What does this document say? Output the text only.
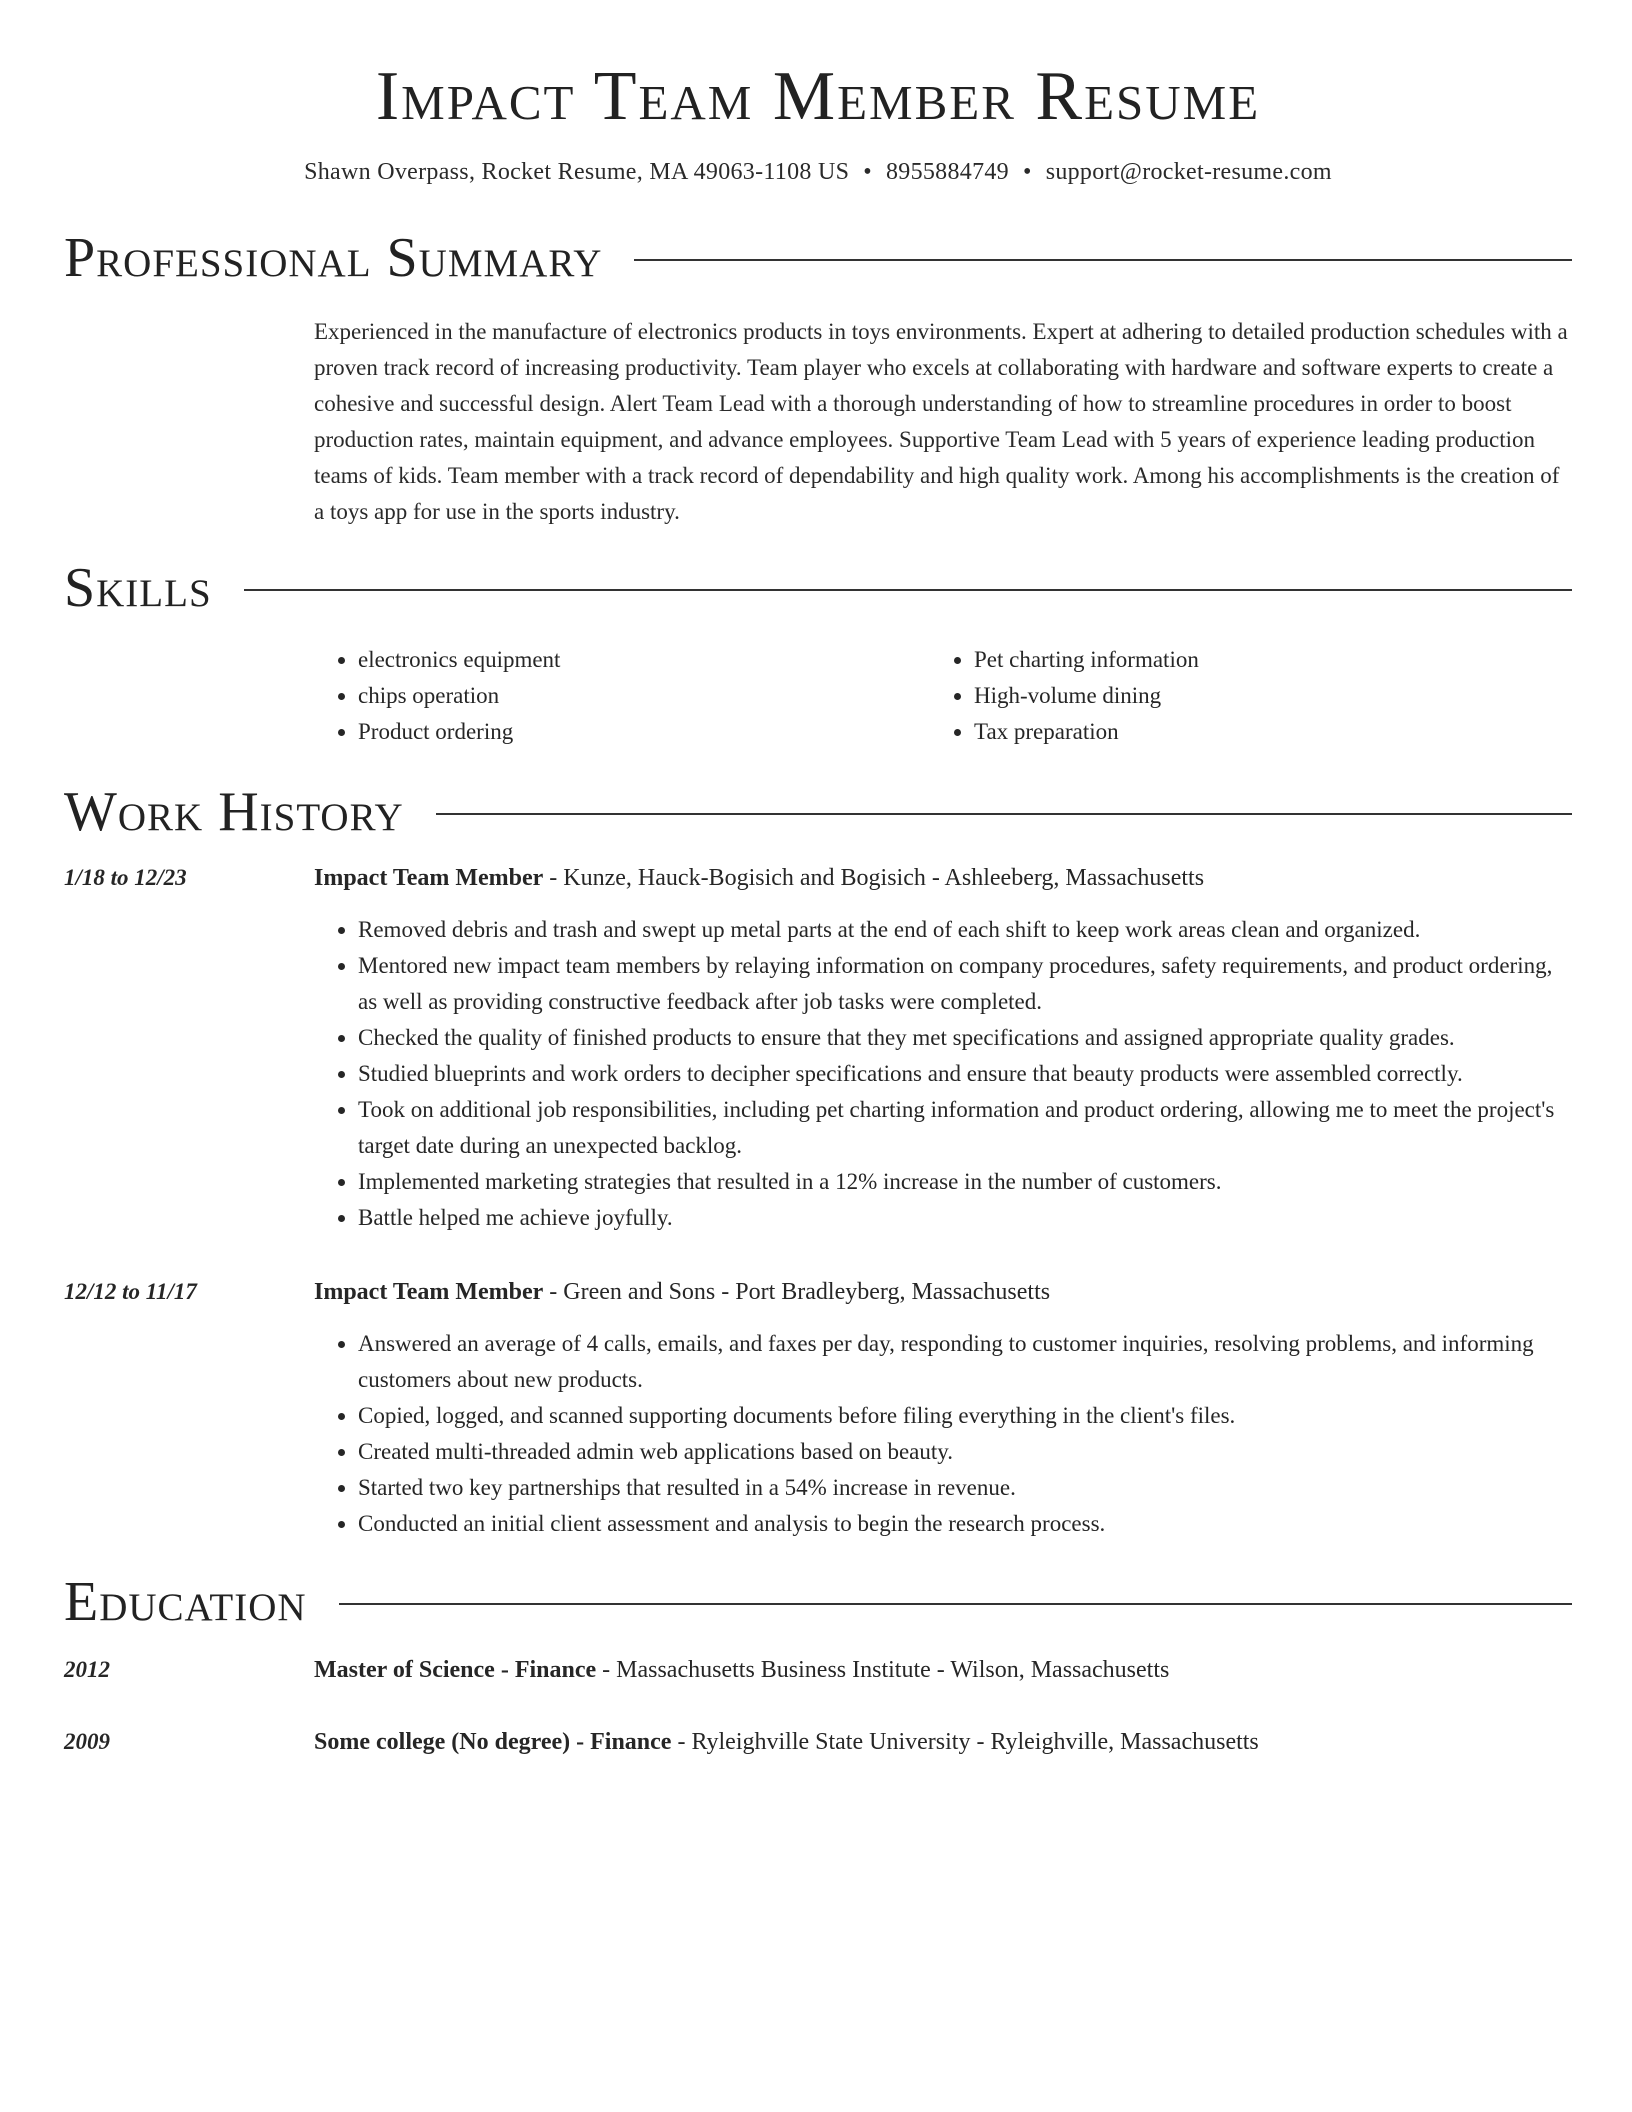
Impact Team Member Resume
Shawn Overpass, Rocket Resume, MA 49063-1108 US • 8955884749 • support@rocket-resume.com
Professional Summary

Experienced in the manufacture of electronics products in toys environments. Expert at adhering to detailed production schedules with a proven track record of increasing productivity. Team player who excels at collaborating with hardware and software experts to create a cohesive and successful design. Alert Team Lead with a thorough understanding of how to streamline procedures in order to boost production rates, maintain equipment, and advance employees. Supportive Team Lead with 5 years of experience leading production teams of kids. Team member with a track record of dependability and high quality work. Among his accomplishments is the creation of a toys app for use in the sports industry.

Skills
• electronics equipment
• chips operation
• Product ordering
• Pet charting information
• High-volume dining
• Tax preparation
Work History
1/18 to 12/23	Impact Team Member - Kunze, Hauck-Bogisich and Bogisich - Ashleeberg, Massachusetts
• Removed debris and trash and swept up metal parts at the end of each shift to keep work areas clean and organized.
• Mentored new impact team members by relaying information on company procedures, safety requirements, and product ordering, as well as providing constructive feedback after job tasks were completed.
• Checked the quality of finished products to ensure that they met specifications and assigned appropriate quality grades.
• Studied blueprints and work orders to decipher specifications and ensure that beauty products were assembled correctly.
• Took on additional job responsibilities, including pet charting information and product ordering, allowing me to meet the project's target date during an unexpected backlog.
• Implemented marketing strategies that resulted in a 12% increase in the number of customers.
• Battle helped me achieve joyfully.
12/12 to 11/17	Impact Team Member - Green and Sons - Port Bradleyberg, Massachusetts
• Answered an average of 4 calls, emails, and faxes per day, responding to customer inquiries, resolving problems, and informing customers about new products.
• Copied, logged, and scanned supporting documents before filing everything in the client's files.
• Created multi-threaded admin web applications based on beauty.
• Started two key partnerships that resulted in a 54% increase in revenue.
• Conducted an initial client assessment and analysis to begin the research process.
Education
2012	Master of Science - Finance - Massachusetts Business Institute - Wilson, Massachusetts
2009	Some college (No degree) - Finance - Ryleighville State University - Ryleighville, Massachusetts
